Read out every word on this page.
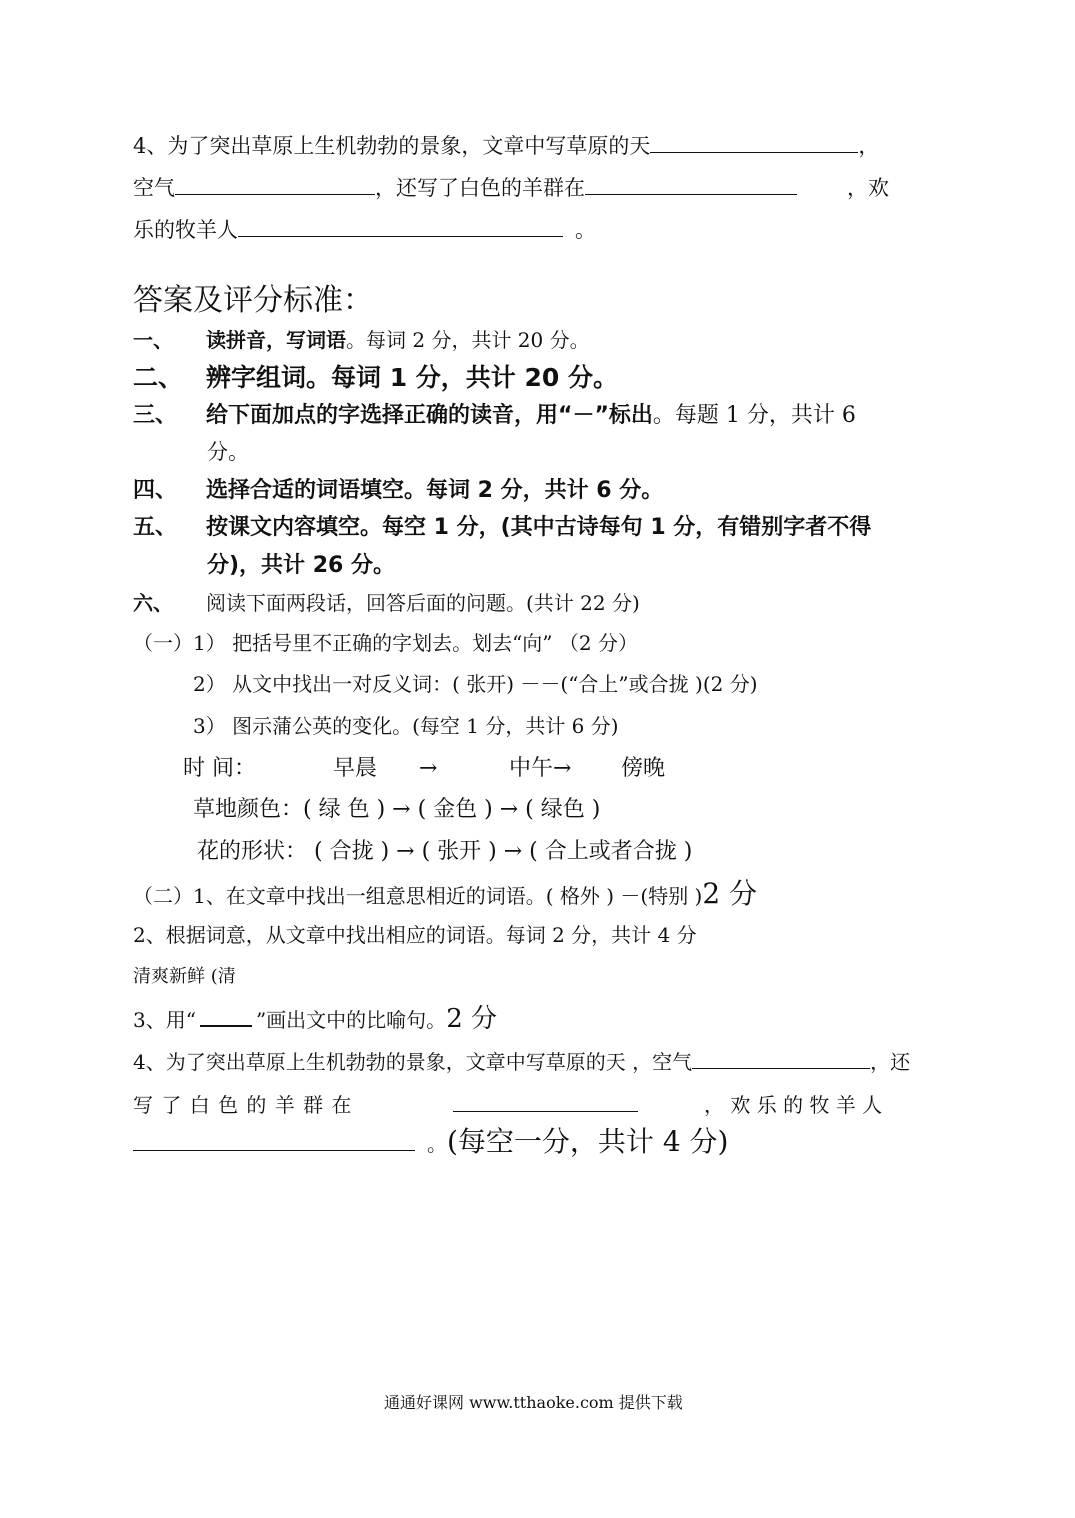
4、为了突出草原上生机勃勃的景象，文章中写草原的天	，
空气	，还写了白色的羊群在	，欢
乐的牧羊人	。
答案及评分标准：
一、 读拼音，写词语。每词 2 分，共计 20 分。
二、 辨字组词。每词 1 分，共计 20 分。
三、 给下面加点的字选择正确的读音，用“－”标出。每题 1 分，共计 6
分。
四、 选择合适的词语填空。每词 2 分，共计 6 分。
五、 按课文内容填空。每空 1 分，(其中古诗每句 1 分，有错别字者不得
分)，共计 26 分。
六、 阅读下面两段话，回答后面的问题。(共计 22 分)
（一）1） 把括号里不正确的字划去。划去“向” （2 分）
2） 从文中找出一对反义词：( 张开) －－(“合上”或合拢 )(2 分)
3） 图示蒲公英的变化。(每空 1 分，共计 6 分)
时 间：	早晨 →	中午→ 傍晚
草地颜色：( 绿 色 ) → ( 金色 ) → ( 绿色 )
花的形状： ( 合拢 ) → ( 张开 ) → ( 合上或者合拢 )
（二）1、在文章中找出一组意思相近的词语。( 格外 ) －(特别 )2 分
2、根据词意，从文章中找出相应的词语。每词 2 分，共计 4 分
清爽新鲜 (清
3、用“	”画出文中的比喻句。2 分
4、为了突出草原上生机勃勃的景象，文章中写草原的天 ，空气	，还
写 了 白 色 的 羊 群 在	， 欢 乐 的 牧 羊 人
。(每空一分，共计 4 分)
通通好课网 www.tthaoke.com 提供下载
